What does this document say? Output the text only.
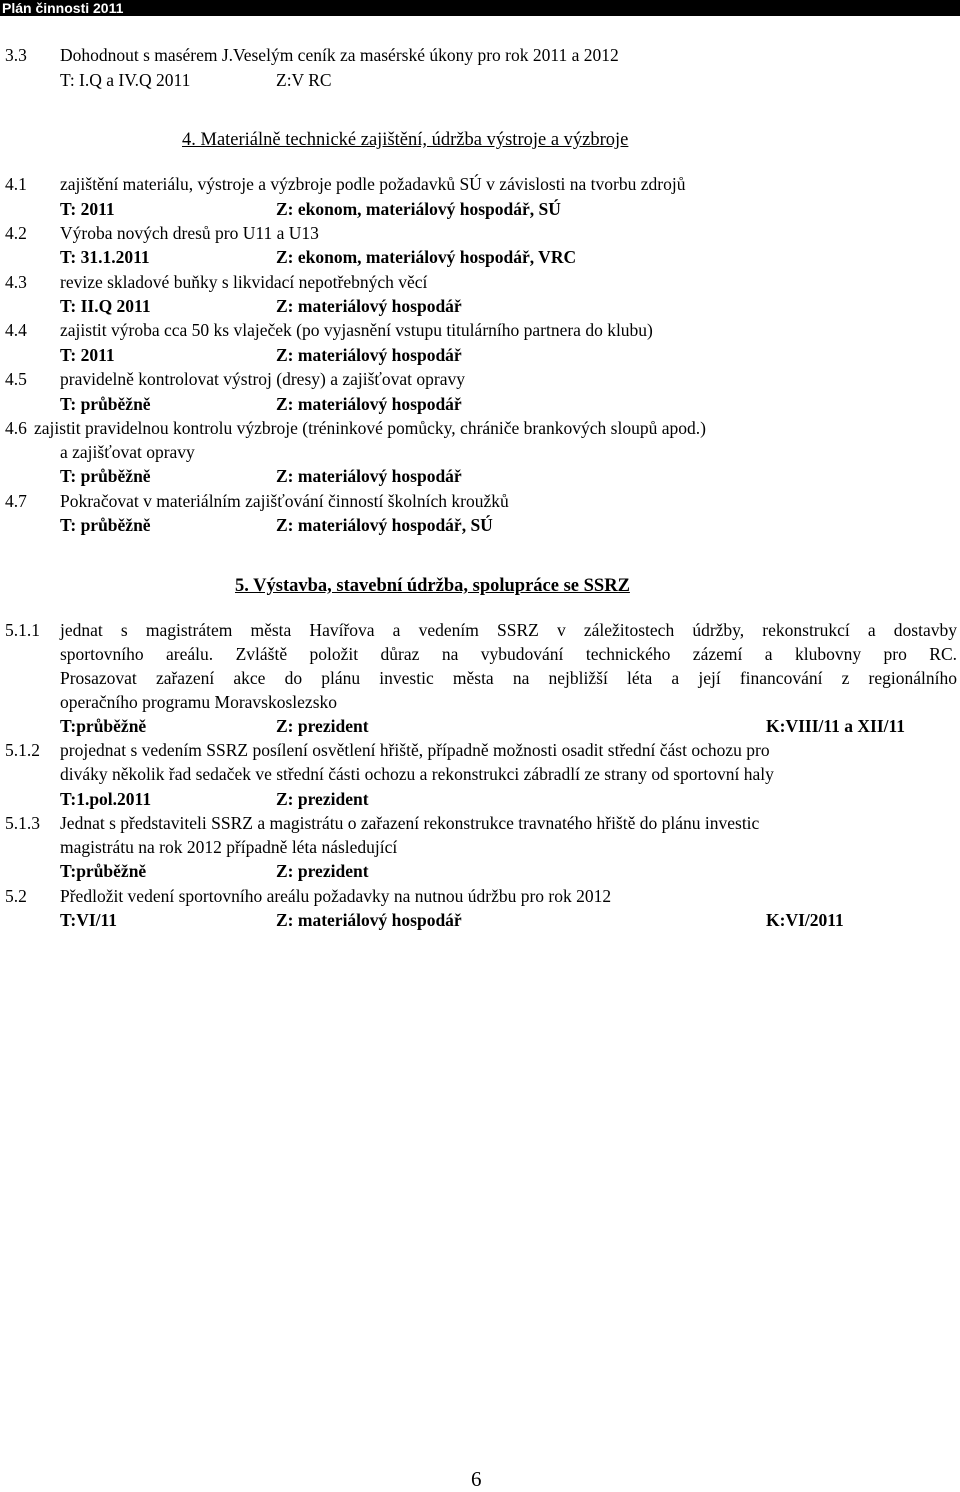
Plán činnosti 2011
3.3 Dohodnout s masérem J.Veselým ceník za masérské úkony pro rok 2011 a 2012
T: I.Q a IV.Q 2011	Z:V RC
4. Materiálně technické zajištění, údržba výstroje a výzbroje
4.1 zajištění materiálu, výstroje a výzbroje podle požadavků SÚ v závislosti na tvorbu zdrojů
T: 2011	Z: ekonom, materiálový hospodář, SÚ
4.2 Výroba nových dresů pro U11 a U13
T: 31.1.2011	Z: ekonom, materiálový hospodář, VRC
4.3 revize skladové buňky s likvidací nepotřebných věcí
T: II.Q 2011	Z: materiálový hospodář
4.4 zajistit výroba cca 50 ks vlaječek (po vyjasnění vstupu titulárního partnera do klubu)
T: 2011	Z: materiálový hospodář
4.5 pravidelně kontrolovat výstroj (dresy) a zajišťovat opravy
T: průběžně	Z: materiálový hospodář
4.6 zajistit pravidelnou kontrolu výzbroje (tréninkové pomůcky, chrániče brankových sloupů apod.)
a zajišťovat opravy
T: průběžně	Z: materiálový hospodář
4.7 Pokračovat v materiálním zajišťování činností školních kroužků
T: průběžně	Z: materiálový hospodář, SÚ
5. Výstavba, stavební údržba, spolupráce se SSRZ
5.1.1 jednat s magistrátem města Havířova a vedením SSRZ v záležitostech údržby, rekonstrukcí a dostavby
sportovního areálu. Zvláště položit důraz na vybudování technického zázemí a klubovny pro RC.
Prosazovat zařazení akce do plánu investic města na nejbližší léta a její financování z regionálního
operačního programu Moravskoslezsko
T:průběžně	Z: prezident	K:VIII/11 a XII/11
5.1.2 projednat s vedením SSRZ posílení osvětlení hřiště, případně možnosti osadit střední část ochozu pro
diváky několik řad sedaček ve střední části ochozu a rekonstrukci zábradlí ze strany od sportovní haly
T:1.pol.2011	Z: prezident
5.1.3 Jednat s představiteli SSRZ a magistrátu o zařazení rekonstrukce travnatého hřiště do plánu investic
magistrátu na rok 2012 případně léta následující
T:průběžně	Z: prezident
5.2 Předložit vedení sportovního areálu požadavky na nutnou údržbu pro rok 2012
T:VI/11	Z: materiálový hospodář	K:VI/2011
6
